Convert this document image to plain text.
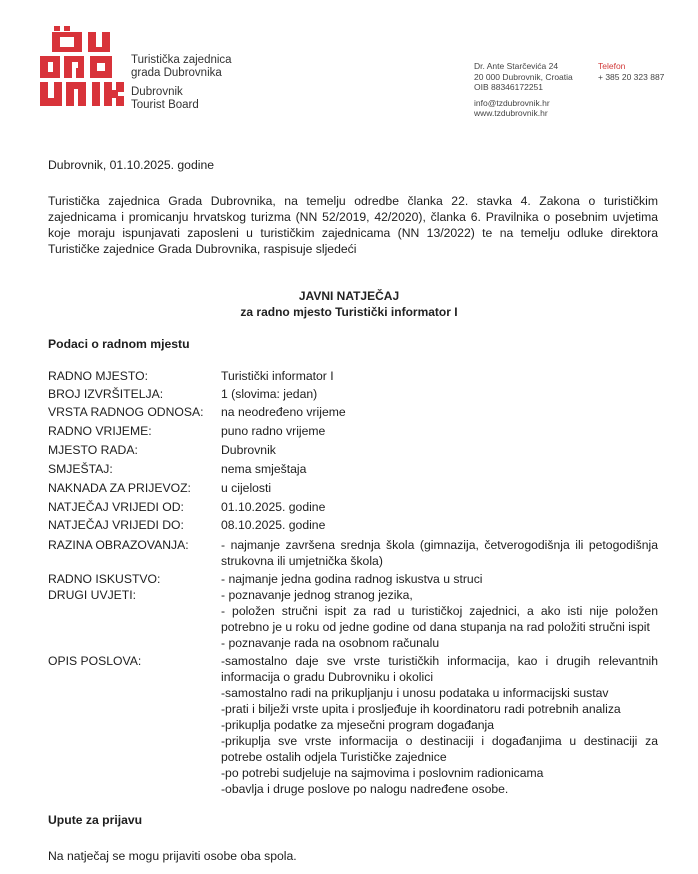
Turistička zajednica
grada Dubrovnika
Dubrovnik
Tourist Board
Dr. Ante Starčevića 24
20 000 Dubrovnik, Croatia
OIB 88346172251
info@tzdubrovnik.hr
www.tzdubrovnik.hr
Telefon
+ 385 20 323 887
Dubrovnik, 01.10.2025. godine
Turistička zajednica Grada Dubrovnika, na temelju odredbe članka 22. stavka 4. Zakona o turističkim zajednicama i promicanju hrvatskog turizma (NN 52/2019, 42/2020), članka 6. Pravilnika o posebnim uvjetima koje moraju ispunjavati zaposleni u turističkim zajednicama (NN 13/2022) te na temelju odluke direktora Turističke zajednice Grada Dubrovnika, raspisuje sljedeći
JAVNI NATJEČAJ
za radno mjesto Turistički informator I
Podaci o radnom mjestu
RADNO MJESTO:	Turistički informator I
BROJ IZVRŠITELJA:	1 (slovima: jedan)
VRSTA RADNOG ODNOSA:	na neodređeno vrijeme
RADNO VRIJEME:	puno radno vrijeme
MJESTO RADA:	Dubrovnik
SMJEŠTAJ:	nema smještaja
NAKNADA ZA PRIJEVOZ:	u cijelosti
NATJEČAJ VRIJEDI OD:	01.10.2025. godine
NATJEČAJ VRIJEDI DO:	08.10.2025. godine
RAZINA OBRAZOVANJA:	- najmanje završena srednja škola (gimnazija, četverogodišnja ili petogodišnja strukovna ili umjetnička škola)
RADNO ISKUSTVO:	- najmanje jedna godina radnog iskustva u struci
DRUGI UVJETI:	- poznavanje jednog stranog jezika,
- položen stručni ispit za rad u turističkoj zajednici, a ako isti nije položen potrebno je u roku od jedne godine od dana stupanja na rad položiti stručni ispit
- poznavanje rada na osobnom računalu
OPIS POSLOVA:	-samostalno daje sve vrste turističkih informacija, kao i drugih relevantnih informacija o gradu Dubrovniku i okolici
-samostalno radi na prikupljanju i unosu podataka u informacijski sustav
-prati i bilježi vrste upita i prosljeđuje ih koordinatoru radi potrebnih analiza
-prikuplja podatke za mjesečni program događanja
-prikuplja sve vrste informacija o destinaciji i događanjima u destinaciji za potrebe ostalih odjela Turističke zajednice
-po potrebi sudjeluje na sajmovima i poslovnim radionicama
-obavlja i druge poslove po nalogu nadređene osobe.
Upute za prijavu
Na natječaj se mogu prijaviti osobe oba spola.
